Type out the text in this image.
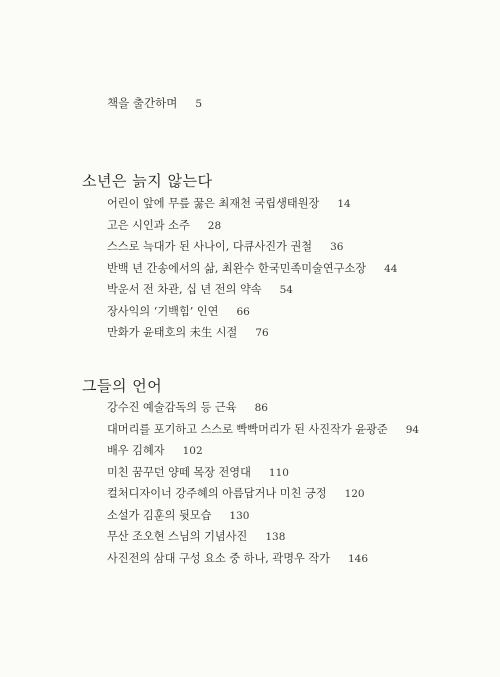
책을 출간하며 5
소년은 늙지 않는다
어린이 앞에 무릎 꿇은 최재천 국립생태원장 14
고은 시인과 소주 28
스스로 늑대가 된 사나이, 다큐사진가 권철 36
반백 년 간송에서의 삶, 최완수 한국민족미술연구소장 44
박운서 전 차관, 십 년 전의 약속 54
장사익의 ‘기백힘’ 인연 66
만화가 윤태호의 未生 시절 76
그들의 언어
강수진 예술감독의 등 근육 86
대머리를 포기하고 스스로 빡빡머리가 된 사진작가 윤광준 94
배우 김혜자 102
미친 꿈꾸던 양떼 목장 전영대 110
컬처디자이너 강주혜의 아름답거나 미친 긍정 120
소설가 김훈의 뒷모습 130
무산 조오현 스님의 기념사진 138
사진전의 삼대 구성 요소 중 하나, 곽명우 작가 146
